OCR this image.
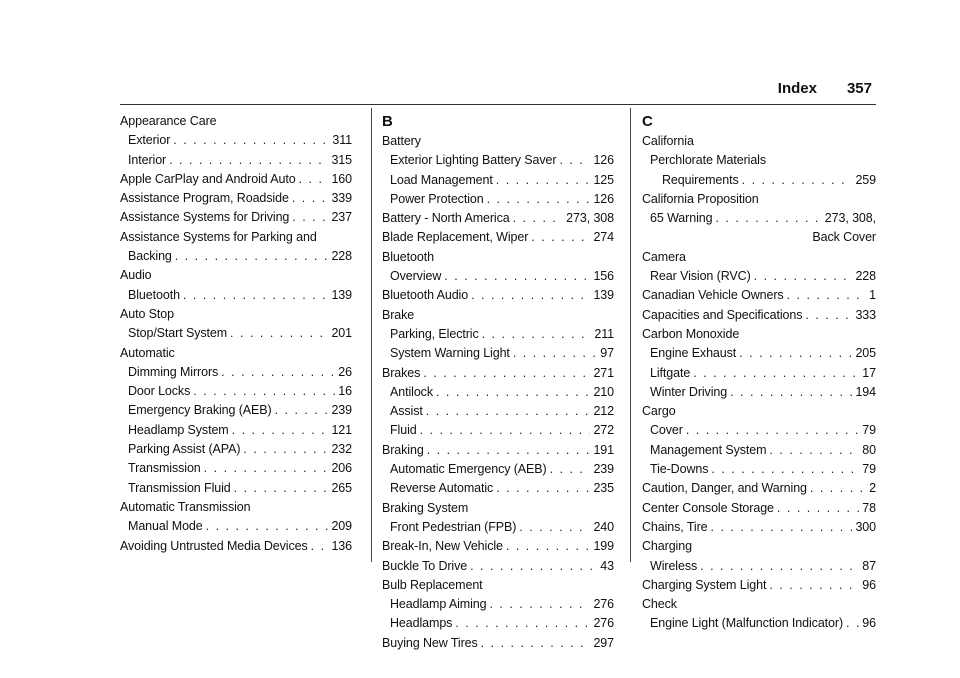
Index 357
Appearance Care
Exterior . . .	311
Interior . . .	315
Apple CarPlay and Android Auto . . .	160
Assistance Program, Roadside . . .	339
Assistance Systems for Driving . . .	237
Assistance Systems for Parking and
Backing . . .	228
Audio
Bluetooth . . .	139
Auto Stop
Stop/Start System . . .	201
Automatic
Dimming Mirrors . . .	26
Door Locks . . .	16
Emergency Braking (AEB) . . .	239
Headlamp System . . .	121
Parking Assist (APA) . . .	232
Transmission . . .	206
Transmission Fluid . . .	265
Automatic Transmission
Manual Mode . . .	209
Avoiding Untrusted Media Devices . . . 136
B
Battery
Exterior Lighting Battery Saver . . .	126
Load Management . . .	125
Power Protection . . .	126
Battery - North America . . .	273, 308
Blade Replacement, Wiper . . .	274
Bluetooth
Overview . . .	156
Bluetooth Audio . . .	139
Brake
Parking, Electric . . .	211
System Warning Light . . .	97
Brakes . . .	271
Antilock . . .	210
Assist . . .	212
Fluid . . .	272
Braking . . .	191
Automatic Emergency (AEB) . . .	239
Reverse Automatic . . .	235
Braking System
Front Pedestrian (FPB) . . .	240
Break-In, New Vehicle . . .	199
Buckle To Drive . . .	43
Bulb Replacement
Headlamp Aiming . . .	276
Headlamps . . .	276
Buying New Tires . . .	297
C
California
Perchlorate Materials
Requirements . . .	259
California Proposition
65 Warning . . .	273, 308,
Back Cover
Camera
Rear Vision (RVC) . . .	228
Canadian Vehicle Owners . . .	1
Capacities and Specifications . . .	333
Carbon Monoxide
Engine Exhaust . . .	205
Liftgate . . .	17
Winter Driving . . .	194
Cargo
Cover . . .	79
Management System . . .	80
Tie-Downs . . .	79
Caution, Danger, and Warning . . .	2
Center Console Storage . . .	78
Chains, Tire . . .	300
Charging
Wireless . . .	87
Charging System Light . . .	96
Check
Engine Light (Malfunction Indicator) . . . 96
